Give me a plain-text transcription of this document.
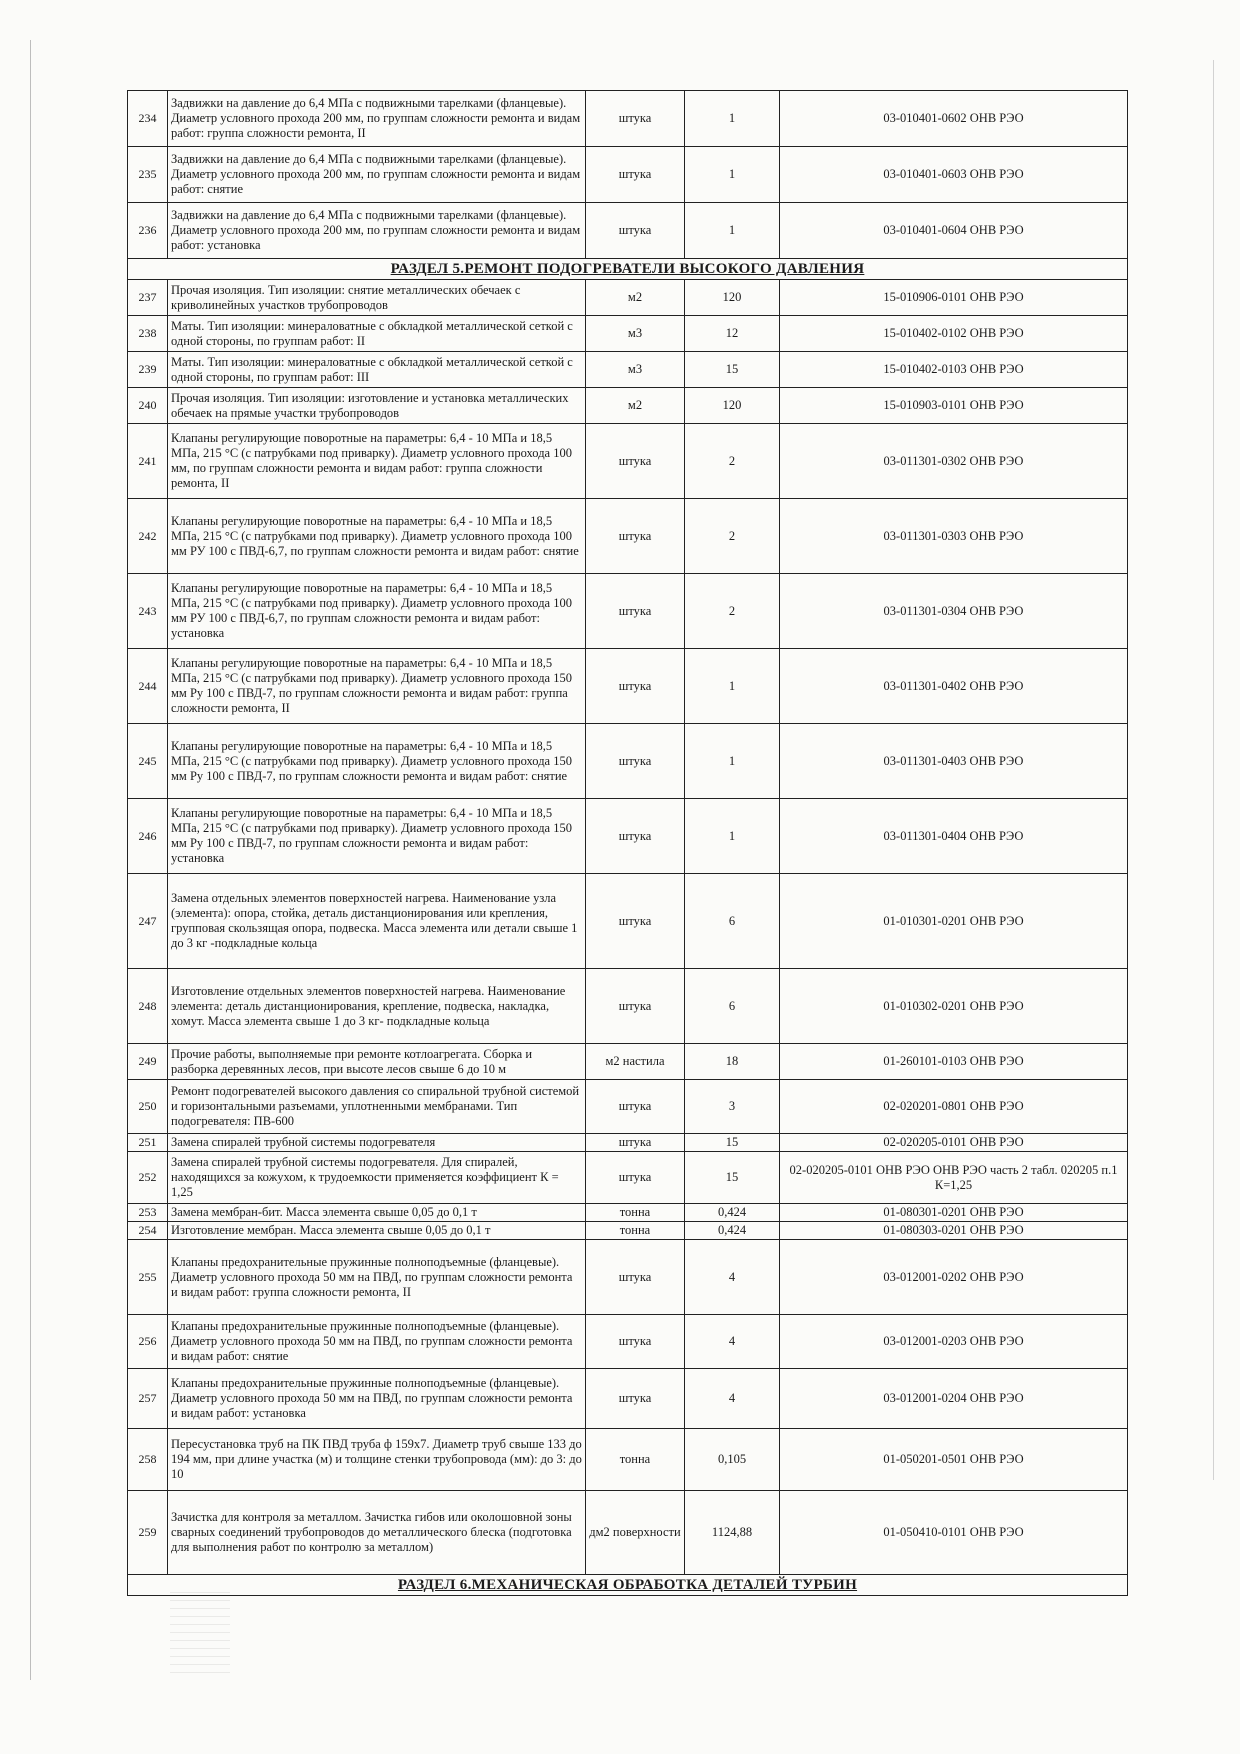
234	Задвижки на давление до 6,4 МПа с подвижными тарелками (фланцевые). Диаметр условного прохода 200 мм, по группам сложности ремонта и видам работ: группа сложности ремонта, II	штука	1	03-010401-0602 ОНВ РЭО
235	Задвижки на давление до 6,4 МПа с подвижными тарелками (фланцевые). Диаметр условного прохода 200 мм, по группам сложности ремонта и видам работ: снятие	штука	1	03-010401-0603 ОНВ РЭО
236	Задвижки на давление до 6,4 МПа с подвижными тарелками (фланцевые). Диаметр условного прохода 200 мм, по группам сложности ремонта и видам работ: установка	штука	1	03-010401-0604 ОНВ РЭО
РАЗДЕЛ 5.РЕМОНТ ПОДОГРЕВАТЕЛИ ВЫСОКОГО ДАВЛЕНИЯ				
237	Прочая изоляция. Тип изоляции: снятие металлических обечаек с криволинейных участков трубопроводов	м2	120	15-010906-0101 ОНВ РЭО
238	Маты. Тип изоляции: минераловатные с обкладкой металлической сеткой с одной стороны, по группам работ: II	м3	12	15-010402-0102 ОНВ РЭО
239	Маты. Тип изоляции: минераловатные с обкладкой металлической сеткой с одной стороны, по группам работ: III	м3	15	15-010402-0103 ОНВ РЭО
240	Прочая изоляция. Тип изоляции: изготовление и установка металлических обечаек на прямые участки трубопроводов	м2	120	15-010903-0101 ОНВ РЭО
241	Клапаны регулирующие поворотные на параметры: 6,4 - 10 МПа и 18,5 МПа, 215 °С (с патрубками под приварку). Диаметр условного прохода 100 мм, по группам сложности ремонта и видам работ: группа сложности ремонта, II	штука	2	03-011301-0302 ОНВ РЭО
242	Клапаны регулирующие поворотные на параметры: 6,4 - 10 МПа и 18,5 МПа, 215 °С (с патрубками под приварку). Диаметр условного прохода 100 мм РУ 100 с ПВД-6,7, по группам сложности ремонта и видам работ: снятие	штука	2	03-011301-0303 ОНВ РЭО
243	Клапаны регулирующие поворотные на параметры: 6,4 - 10 МПа и 18,5 МПа, 215 °С (с патрубками под приварку). Диаметр условного прохода 100 мм РУ 100 с ПВД-6,7, по группам сложности ремонта и видам работ: установка	штука	2	03-011301-0304 ОНВ РЭО
244	Клапаны регулирующие поворотные на параметры: 6,4 - 10 МПа и 18,5 МПа, 215 °С (с патрубками под приварку). Диаметр условного прохода 150 мм Ру 100 с ПВД-7, по группам сложности ремонта и видам работ: группа сложности ремонта, II	штука	1	03-011301-0402 ОНВ РЭО
245	Клапаны регулирующие поворотные на параметры: 6,4 - 10 МПа и 18,5 МПа, 215 °С (с патрубками под приварку). Диаметр условного прохода 150 мм Ру 100 с ПВД-7, по группам сложности ремонта и видам работ: снятие	штука	1	03-011301-0403 ОНВ РЭО
246	Клапаны регулирующие поворотные на параметры: 6,4 - 10 МПа и 18,5 МПа, 215 °С (с патрубками под приварку). Диаметр условного прохода 150 мм Ру 100 с ПВД-7, по группам сложности ремонта и видам работ: установка	штука	1	03-011301-0404 ОНВ РЭО
247	Замена отдельных элементов поверхностей нагрева. Наименование узла (элемента): опора, стойка, деталь дистанционирования или крепления, групповая скользящая опора, подвеска. Масса элемента или детали свыше 1 до 3 кг -подкладные кольца	штука	6	01-010301-0201 ОНВ РЭО
248	Изготовление отдельных элементов поверхностей нагрева. Наименование элемента: деталь дистанционирования, крепление, подвеска, накладка, хомут. Масса элемента свыше 1 до 3 кг- подкладные кольца	штука	6	01-010302-0201 ОНВ РЭО
249	Прочие работы, выполняемые при ремонте котлоагрегата. Сборка и разборка деревянных лесов, при высоте лесов свыше 6 до 10 м	м2 настила	18	01-260101-0103 ОНВ РЭО
250	Ремонт подогревателей высокого давления со спиральной трубной системой и горизонтальными разъемами, уплотненными мембранами. Тип подогревателя: ПВ-600	штука	3	02-020201-0801 ОНВ РЭО
251	Замена спиралей трубной системы подогревателя	штука	15	02-020205-0101 ОНВ РЭО
252	Замена спиралей трубной системы подогревателя. Для спиралей, находящихся за кожухом, к трудоемкости применяется коэффициент К = 1,25	штука	15	02-020205-0101 ОНВ РЭО ОНВ РЭО часть 2 табл. 020205 п.1 К=1,25
253	Замена мембран-бит. Масса элемента свыше 0,05 до 0,1 т	тонна	0,424	01-080301-0201 ОНВ РЭО
254	Изготовление мембран. Масса элемента свыше 0,05 до 0,1 т	тонна	0,424	01-080303-0201 ОНВ РЭО
255	Клапаны предохранительные пружинные полноподъемные (фланцевые). Диаметр условного прохода 50 мм на ПВД, по группам сложности ремонта и видам работ: группа сложности ремонта, II	штука	4	03-012001-0202 ОНВ РЭО
256	Клапаны предохранительные пружинные полноподъемные (фланцевые). Диаметр условного прохода 50 мм на ПВД, по группам сложности ремонта и видам работ: снятие	штука	4	03-012001-0203 ОНВ РЭО
257	Клапаны предохранительные пружинные полноподъемные (фланцевые). Диаметр условного прохода 50 мм на ПВД, по группам сложности ремонта и видам работ: установка	штука	4	03-012001-0204 ОНВ РЭО
258	Пересустановка труб на ПК ПВД труба ф 159х7. Диаметр труб свыше 133 до 194 мм, при длине участка (м) и толщине стенки трубопровода (мм): до 3: до 10	тонна	0,105	01-050201-0501 ОНВ РЭО
259	Зачистка для контроля за металлом. Зачистка гибов или околошовной зоны сварных соединений трубопроводов до металлического блеска (подготовка для выполнения работ по контролю за металлом)	дм2 поверхности	1124,88	01-050410-0101 ОНВ РЭО
РАЗДЕЛ 6.МЕХАНИЧЕСКАЯ ОБРАБОТКА ДЕТАЛЕЙ ТУРБИН				
